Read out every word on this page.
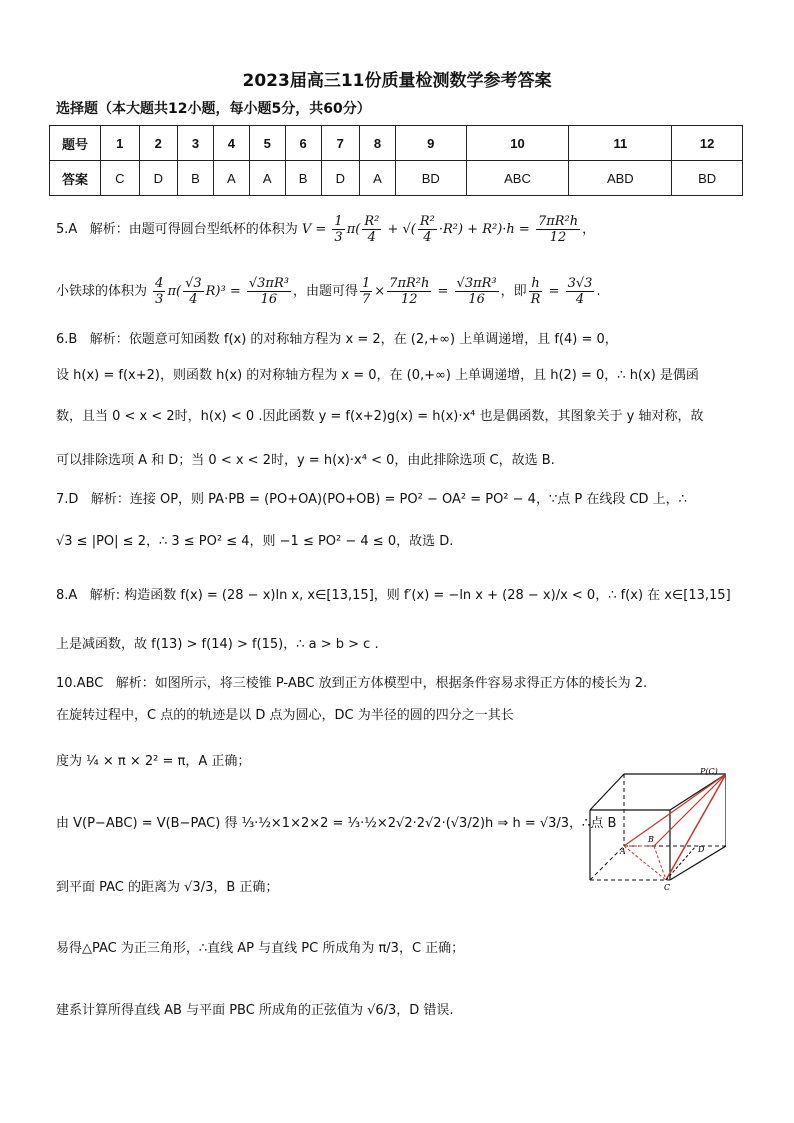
2023届高三11份质量检测数学参考答案
选择题（本大题共12小题，每小题5分，共60分）
题号	1	2	3	4	5	6	7	8	9	10	11	12
答案	C	D	B	A	A	B	D	A	BD	ABC	ABD	BD
5.A 解析：由题可得圆台型纸杯的体积为 $V = \frac{1}{3} \pi( \frac{\text{R²}}{4}$ + √( $\frac{\text{R²}}{4} \cdot R^2) + R^2)\cdot h = \frac{\text{7πR²h}}{12}$ ，
小铁球的体积为 $\frac{4}{3} \pi( \frac{√3}{4} R)^3 = \frac{\text{√3πR³}}{16}$ ，由题可得 $\frac{1}{7} \times \frac{\text{7πR²h}}{12} = \frac{\text{√3πR³}}{16}$ ，即 $\frac{h}{R} = \frac{3√3}{4}$ .
6.B 解析：依题意可知函数 f(x) 的对称轴方程为 x = 2，在 (2,+∞) 上单调递增，且 f(4) = 0，
设 h(x) = f(x+2)，则函数 h(x) 的对称轴方程为 x = 0，在 (0,+∞) 上单调递增，且 h(2) = 0，∴ h(x) 是偶函
数，且当 0 < x < 2时，h(x) < 0 .因此函数 y = f(x+2)g(x) = h(x)·x⁴ 也是偶函数，其图象关于 y 轴对称，故
可以排除选项 A 和 D；当 0 < x < 2时，y = h(x)·x⁴ < 0，由此排除选项 C，故选 B.
7.D 解析：连接 OP，则 PA·PB = (PO+OA)(PO+OB) = PO² − OA² = PO² − 4，∵点 P 在线段 CD 上，∴
√3 ≤ |PO| ≤ 2，∴ 3 ≤ PO² ≤ 4，则 −1 ≤ PO² − 4 ≤ 0，故选 D.
8.A 解析: 构造函数 f(x) = (28 − x)ln x, x∈[13,15]，则 f′(x) = −ln x + (28 − x)/x < 0，∴ f(x) 在 x∈[13,15]
上是减函数，故 f(13) > f(14) > f(15)，∴ a > b > c .
10.ABC 解析：如图所示，将三棱锥 P-ABC 放到正方体模型中，根据条件容易求得正方体的棱长为 2.
在旋转过程中，C 点的的轨迹是以 D 点为圆心，DC 为半径的圆的四分之一其长
度为 ¼ × π × 2² = π，A 正确；
由 V(P−ABC) = V(B−PAC) 得 ⅓·½×1×2×2 = ⅓·½×2√2·2√2·(√3/2)h ⇒ h = √3/3，∴点 B
到平面 PAC 的距离为 √3/3，B 正确；
易得△PAC 为正三角形，∴直线 AP 与直线 PC 所成角为 π/3，C 正确；
建系计算所得直线 AB 与平面 PBC 所成角的正弦值为 √6/3，D 错误.
P(C)
A
B
C
D
